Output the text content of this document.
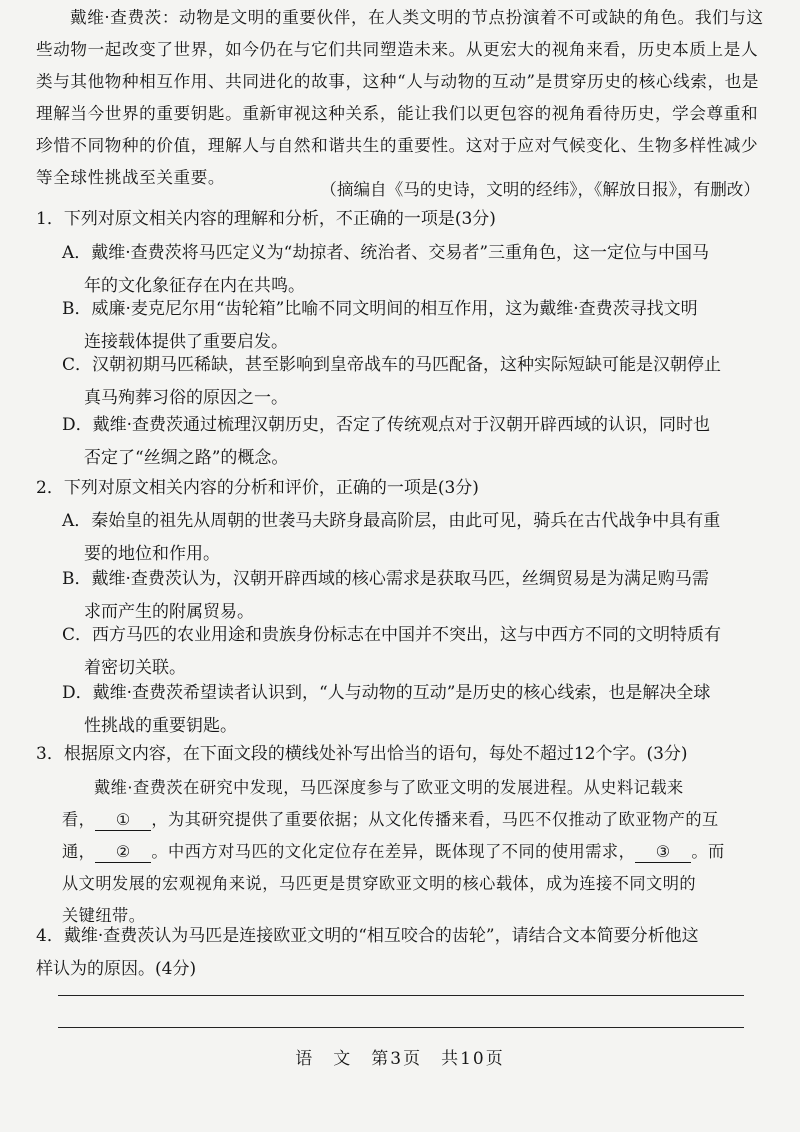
戴维·查费茨：动物是文明的重要伙伴，在人类文明的节点扮演着不可或缺的角色。我们与这些动物一起改变了世界，如今仍在与它们共同塑造未来。从更宏大的视角来看，历史本质上是人类与其他物种相互作用、共同进化的故事，这种“人与动物的互动”是贯穿历史的核心线索，也是理解当今世界的重要钥匙。重新审视这种关系，能让我们以更包容的视角看待历史，学会尊重和珍惜不同物种的价值，理解人与自然和谐共生的重要性。这对于应对气候变化、生物多样性减少等全球性挑战至关重要。
（摘编自《马的史诗，文明的经纬》，《解放日报》，有删改）
1．下列对原文相关内容的理解和分析，不正确的一项是(3分)
A．戴维·查费茨将马匹定义为“劫掠者、统治者、交易者”三重角色，这一定位与中国马
年的文化象征存在内在共鸣。
B．威廉·麦克尼尔用“齿轮箱”比喻不同文明间的相互作用，这为戴维·查费茨寻找文明
连接载体提供了重要启发。
C．汉朝初期马匹稀缺，甚至影响到皇帝战车的马匹配备，这种实际短缺可能是汉朝停止
真马殉葬习俗的原因之一。
D．戴维·查费茨通过梳理汉朝历史，否定了传统观点对于汉朝开辟西域的认识，同时也
否定了“丝绸之路”的概念。
2．下列对原文相关内容的分析和评价，正确的一项是(3分)
A．秦始皇的祖先从周朝的世袭马夫跻身最高阶层，由此可见，骑兵在古代战争中具有重
要的地位和作用。
B．戴维·查费茨认为，汉朝开辟西域的核心需求是获取马匹，丝绸贸易是为满足购马需
求而产生的附属贸易。
C．西方马匹的农业用途和贵族身份标志在中国并不突出，这与中西方不同的文明特质有
着密切关联。
D．戴维·查费茨希望读者认识到，“人与动物的互动”是历史的核心线索，也是解决全球
性挑战的重要钥匙。
3．根据原文内容，在下面文段的横线处补写出恰当的语句，每处不超过12个字。(3分)
戴维·查费茨在研究中发现，马匹深度参与了欧亚文明的发展进程。从史料记载来
看， ① ，为其研究提供了重要依据；从文化传播来看，马匹不仅推动了欧亚物产的互
通， ② 。中西方对马匹的文化定位存在差异，既体现了不同的使用需求， ③ 。而
从文明发展的宏观视角来说，马匹更是贯穿欧亚文明的核心载体，成为连接不同文明的
关键纽带。
4．戴维·查费茨认为马匹是连接欧亚文明的“相互咬合的齿轮”，请结合文本简要分析他这
样认为的原因。(4分)
语　文　第3页　共10页
